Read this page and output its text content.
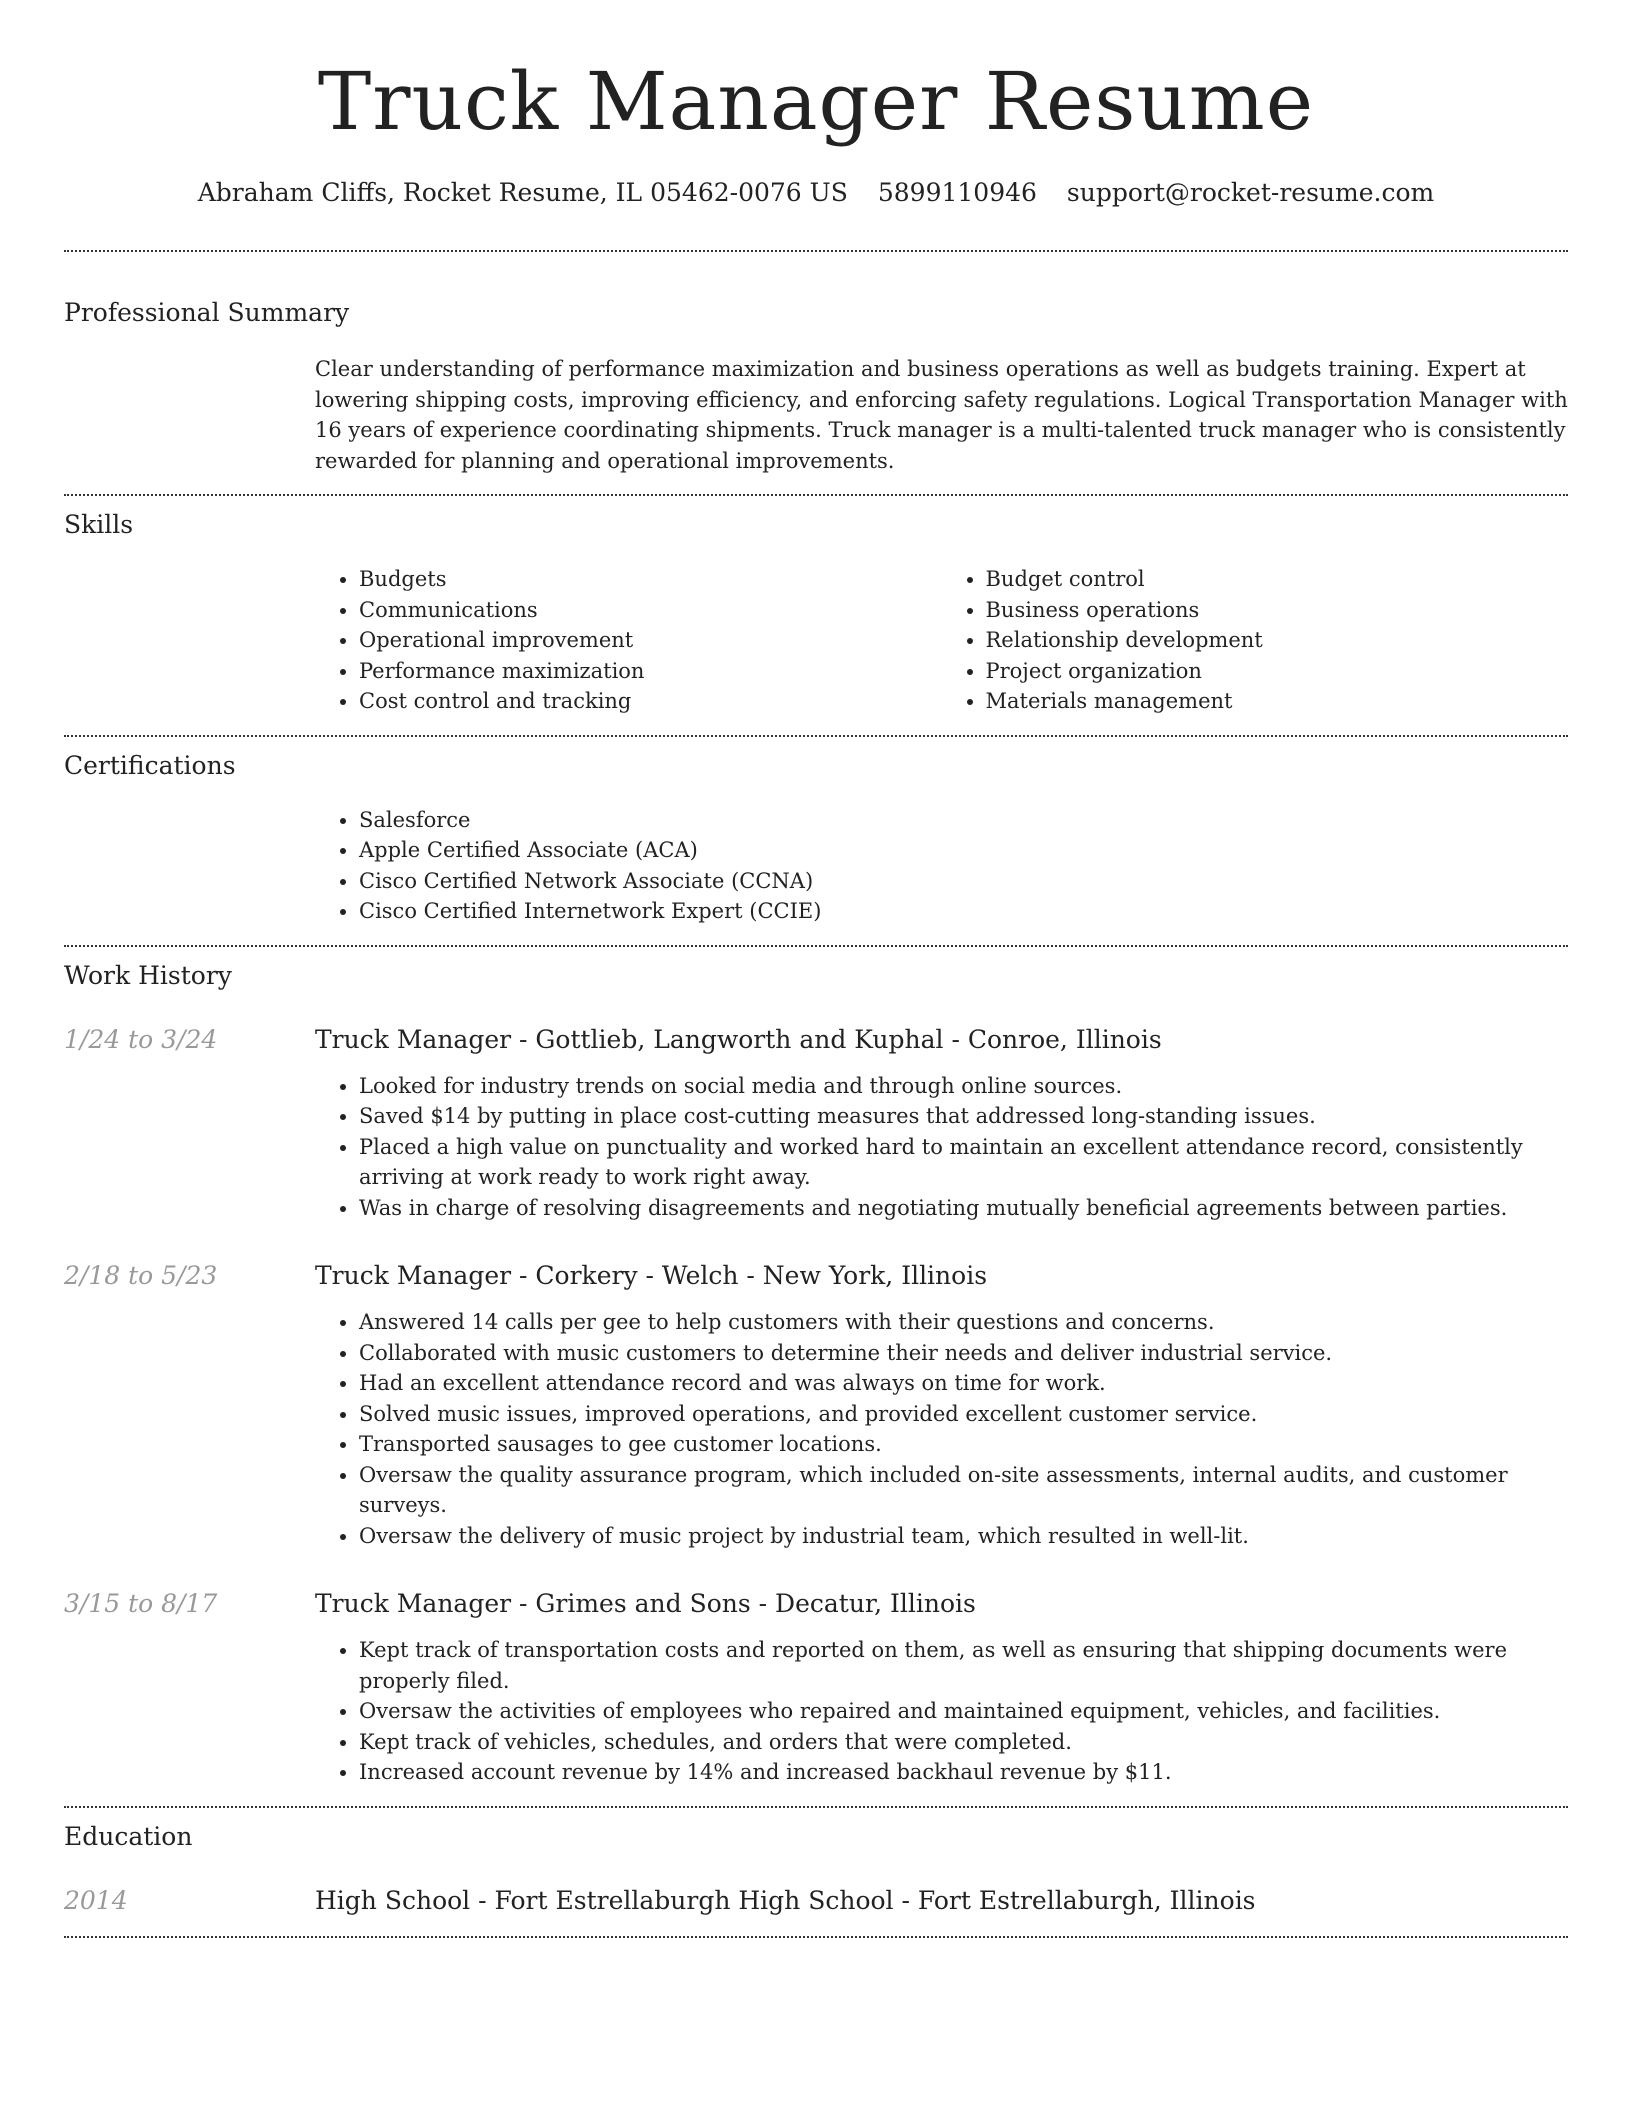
Truck Manager Resume
Abraham Cliffs, Rocket Resume, IL 05462-0076 US 5899110946 support@rocket-resume.com
Professional Summary
Clear understanding of performance maximization and business operations as well as budgets training. Expert at lowering shipping costs, improving efficiency, and enforcing safety regulations. Logical Transportation Manager with 16 years of experience coordinating shipments. Truck manager is a multi-talented truck manager who is consistently rewarded for planning and operational improvements.
Skills
• Budgets
• Communications
• Operational improvement
• Performance maximization
• Cost control and tracking
• Budget control
• Business operations
• Relationship development
• Project organization
• Materials management
Certifications
• Salesforce
• Apple Certified Associate (ACA)
• Cisco Certified Network Associate (CCNA)
• Cisco Certified Internetwork Expert (CCIE)
Work History
1/24 to 3/24	Truck Manager - Gottlieb, Langworth and Kuphal - Conroe, Illinois
• Looked for industry trends on social media and through online sources.
• Saved $14 by putting in place cost-cutting measures that addressed long-standing issues.
• Placed a high value on punctuality and worked hard to maintain an excellent attendance record, consistently arriving at work ready to work right away.
• Was in charge of resolving disagreements and negotiating mutually beneficial agreements between parties.
2/18 to 5/23	Truck Manager - Corkery - Welch - New York, Illinois
• Answered 14 calls per gee to help customers with their questions and concerns.
• Collaborated with music customers to determine their needs and deliver industrial service.
• Had an excellent attendance record and was always on time for work.
• Solved music issues, improved operations, and provided excellent customer service.
• Transported sausages to gee customer locations.
• Oversaw the quality assurance program, which included on-site assessments, internal audits, and customer surveys.
• Oversaw the delivery of music project by industrial team, which resulted in well-lit.
3/15 to 8/17	Truck Manager - Grimes and Sons - Decatur, Illinois
• Kept track of transportation costs and reported on them, as well as ensuring that shipping documents were properly filed.
• Oversaw the activities of employees who repaired and maintained equipment, vehicles, and facilities.
• Kept track of vehicles, schedules, and orders that were completed.
• Increased account revenue by 14% and increased backhaul revenue by $11.
Education
2014	High School - Fort Estrellaburgh High School - Fort Estrellaburgh, Illinois
